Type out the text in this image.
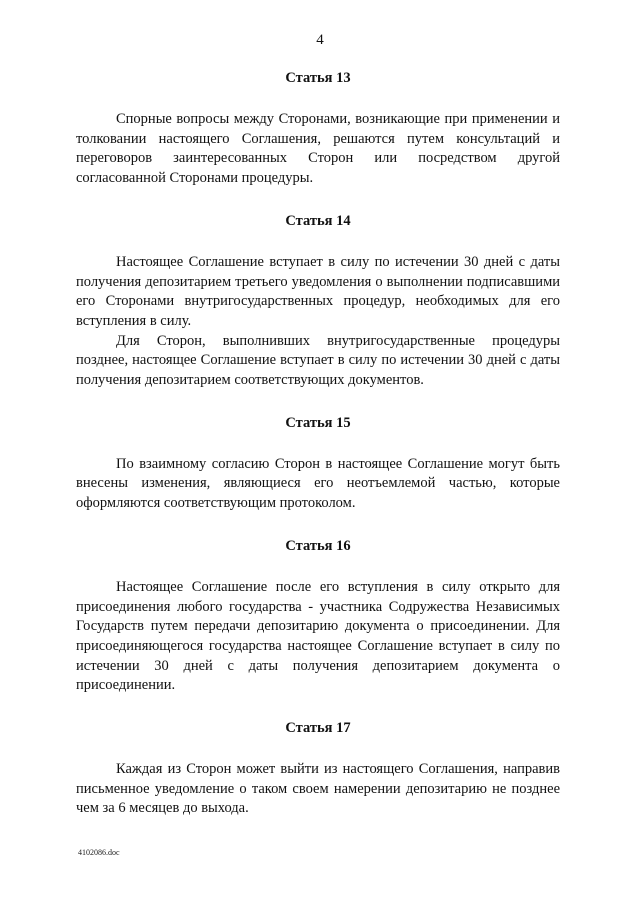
4
Статья 13

Спорные вопросы между Сторонами, возникающие при применении и толковании настоящего Соглашения, решаются путем консультаций и переговоров заинтересованных Сторон или посредством другой согласованной Сторонами процедуры.

Статья 14

Настоящее Соглашение вступает в силу по истечении 30 дней с даты получения депозитарием третьего уведомления о выполнении подписавшими его Сторонами внутригосударственных процедур, необходимых для его вступления в силу.

Для Сторон, выполнивших внутригосударственные процедуры позднее, настоящее Соглашение вступает в силу по истечении 30 дней с даты получения депозитарием соответствующих документов.

Статья 15

По взаимному согласию Сторон в настоящее Соглашение могут быть внесены изменения, являющиеся его неотъемлемой частью, которые оформляются соответствующим протоколом.

Статья 16

Настоящее Соглашение после его вступления в силу открыто для присоединения любого государства - участника Содружества Независимых Государств путем передачи депозитарию документа о присоединении. Для присоединяющегося государства настоящее Соглашение вступает в силу по истечении 30 дней с даты получения депозитарием документа о присоединении.

Статья 17

Каждая из Сторон может выйти из настоящего Соглашения, направив письменное уведомление о таком своем намерении депозитарию не позднее чем за 6 месяцев до выхода.

4102086.doc
